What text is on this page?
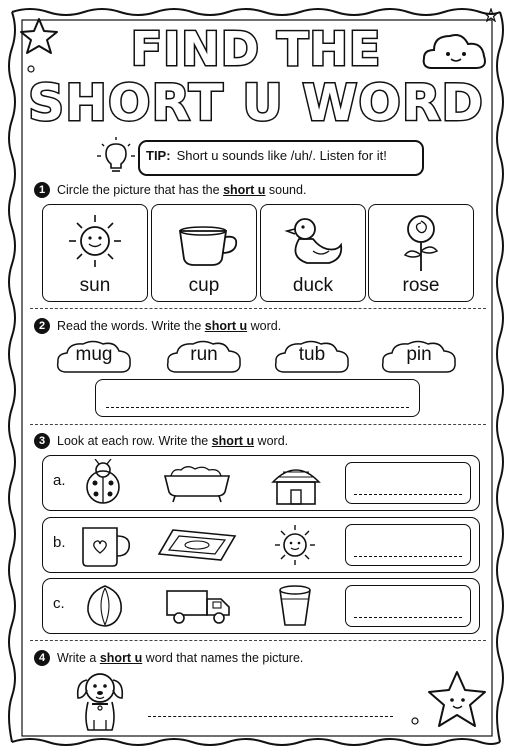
FIND THE
SHORT U WORD
TIP: Short u sounds like /uh/. Listen for it!
1 Circle the picture that has the short u sound.
sun	cup	duck	rose
2 Read the words. Write the short u word.
mug	run	tub	pin
3 Look at each row. Write the short u word.
a.
b.
c.
4 Write a short u word that names the picture.
